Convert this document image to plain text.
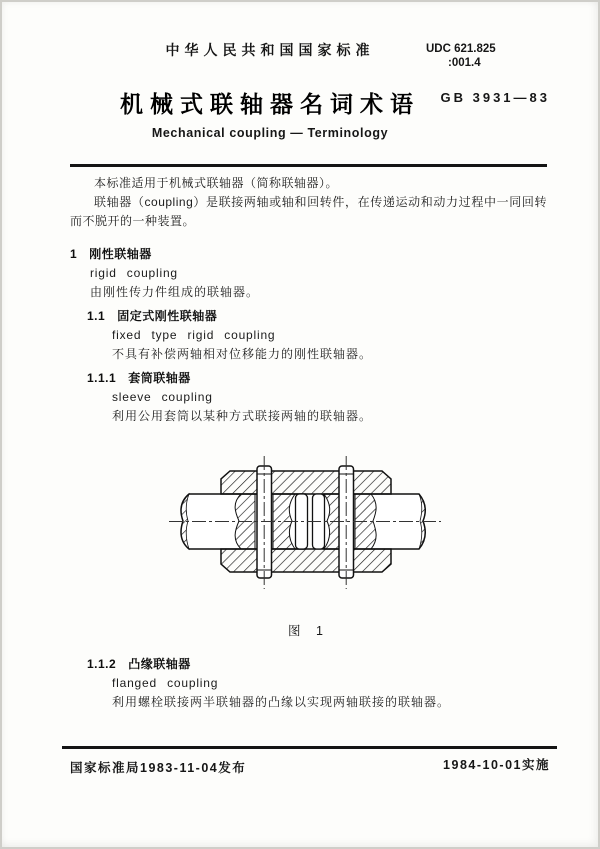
中华人民共和国国家标准	UDC 621.825
:001.4
机械式联轴器名词术语	GB 3931—83
Mechanical coupling — Terminology

本标准适用于机械式联轴器（简称联轴器）。

联轴器（coupling）是联接两轴或轴和回转件，在传递运动和动力过程中一同回转而不脱开的一种装置。

1 刚性联轴器
rigid coupling
由刚性传力件组成的联轴器。
1.1 固定式刚性联轴器
fixed type rigid coupling
不具有补偿两轴相对位移能力的刚性联轴器。
1.1.1 套筒联轴器
sleeve coupling
利用公用套筒以某种方式联接两轴的联轴器。
图 1
1.1.2 凸缘联轴器
flanged coupling
利用螺栓联接两半联轴器的凸缘以实现两轴联接的联轴器。
国家标准局1983-11-04发布	1984-10-01实施
